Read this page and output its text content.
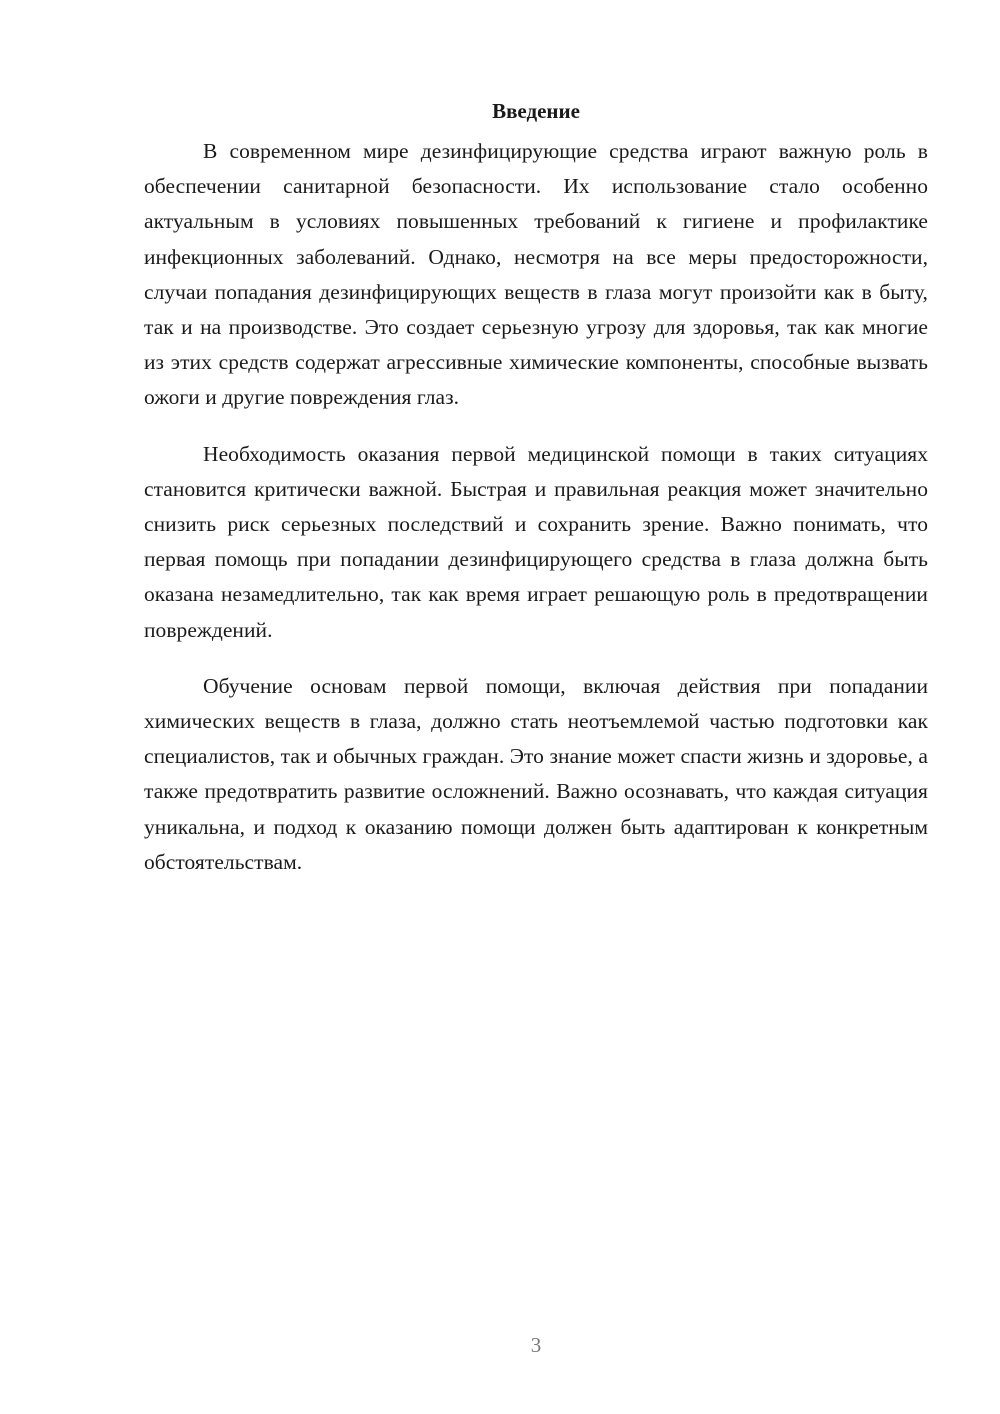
Введение

В современном мире дезинфицирующие средства играют важную роль в обеспечении санитарной безопасности. Их использование стало особенно актуальным в условиях повышенных требований к гигиене и профилактике инфекционных заболеваний. Однако, несмотря на все меры предосторожности, случаи попадания дезинфицирующих веществ в глаза могут произойти как в быту, так и на производстве. Это создает серьезную угрозу для здоровья, так как многие из этих средств содержат агрессивные химические компоненты, способные вызвать ожоги и другие повреждения глаз.

Необходимость оказания первой медицинской помощи в таких ситуациях становится критически важной. Быстрая и правильная реакция может значительно снизить риск серьезных последствий и сохранить зрение. Важно понимать, что первая помощь при попадании дезинфицирующего средства в глаза должна быть оказана незамедлительно, так как время играет решающую роль в предотвращении повреждений.

Обучение основам первой помощи, включая действия при попадании химических веществ в глаза, должно стать неотъемлемой частью подготовки как специалистов, так и обычных граждан. Это знание может спасти жизнь и здоровье, а также предотвратить развитие осложнений. Важно осознавать, что каждая ситуация уникальна, и подход к оказанию помощи должен быть адаптирован к конкретным обстоятельствам.

3
